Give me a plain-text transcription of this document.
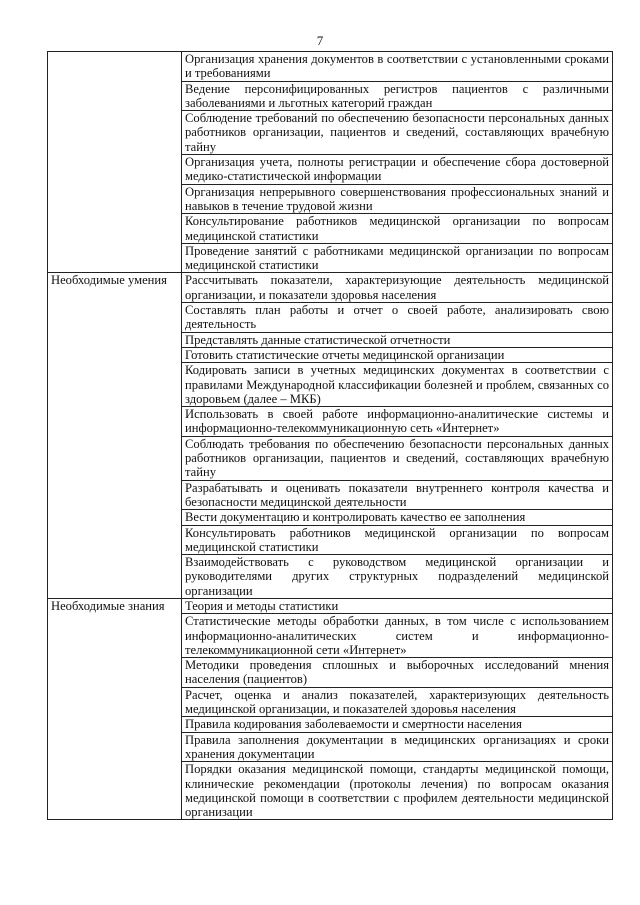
7
	Организация хранения документов в соответствии с установленными сроками и требованиями
	Ведение персонифицированных регистров пациентов с различными заболеваниями и льготных категорий граждан
	Соблюдение требований по обеспечению безопасности персональных данных работников организации, пациентов и сведений, составляющих врачебную тайну
	Организация учета, полноты регистрации и обеспечение сбора достоверной медико-статистической информации
	Организация непрерывного совершенствования профессиональных знаний и навыков в течение трудовой жизни
	Консультирование работников медицинской организации по вопросам медицинской статистики
	Проведение занятий с работниками медицинской организации по вопросам медицинской статистики
Необходимые умения	Рассчитывать показатели, характеризующие деятельность медицинской организации, и показатели здоровья населения
	Составлять план работы и отчет о своей работе, анализировать свою деятельность
	Представлять данные статистической отчетности
	Готовить статистические отчеты медицинской организации
	Кодировать записи в учетных медицинских документах в соответствии с правилами Международной классификации болезней и проблем, связанных со здоровьем (далее – МКБ)
	Использовать в своей работе информационно-аналитические системы и информационно-телекоммуникационную сеть «Интернет»
	Соблюдать требования по обеспечению безопасности персональных данных работников организации, пациентов и сведений, составляющих врачебную тайну
	Разрабатывать и оценивать показатели внутреннего контроля качества и безопасности медицинской деятельности
	Вести документацию и контролировать качество ее заполнения
	Консультировать работников медицинской организации по вопросам медицинской статистики
	Взаимодействовать с руководством медицинской организации и руководителями других структурных подразделений медицинской организации
Необходимые знания	Теория и методы статистики
	Статистические методы обработки данных, в том числе с использованием информационно-аналитических систем и информационно-телекоммуникационной сети «Интернет»
	Методики проведения сплошных и выборочных исследований мнения населения (пациентов)
	Расчет, оценка и анализ показателей, характеризующих деятельность медицинской организации, и показателей здоровья населения
	Правила кодирования заболеваемости и смертности населения
	Правила заполнения документации в медицинских организациях и сроки хранения документации
	Порядки оказания медицинской помощи, стандарты медицинской помощи, клинические рекомендации (протоколы лечения) по вопросам оказания медицинской помощи в соответствии с профилем деятельности медицинской организации
